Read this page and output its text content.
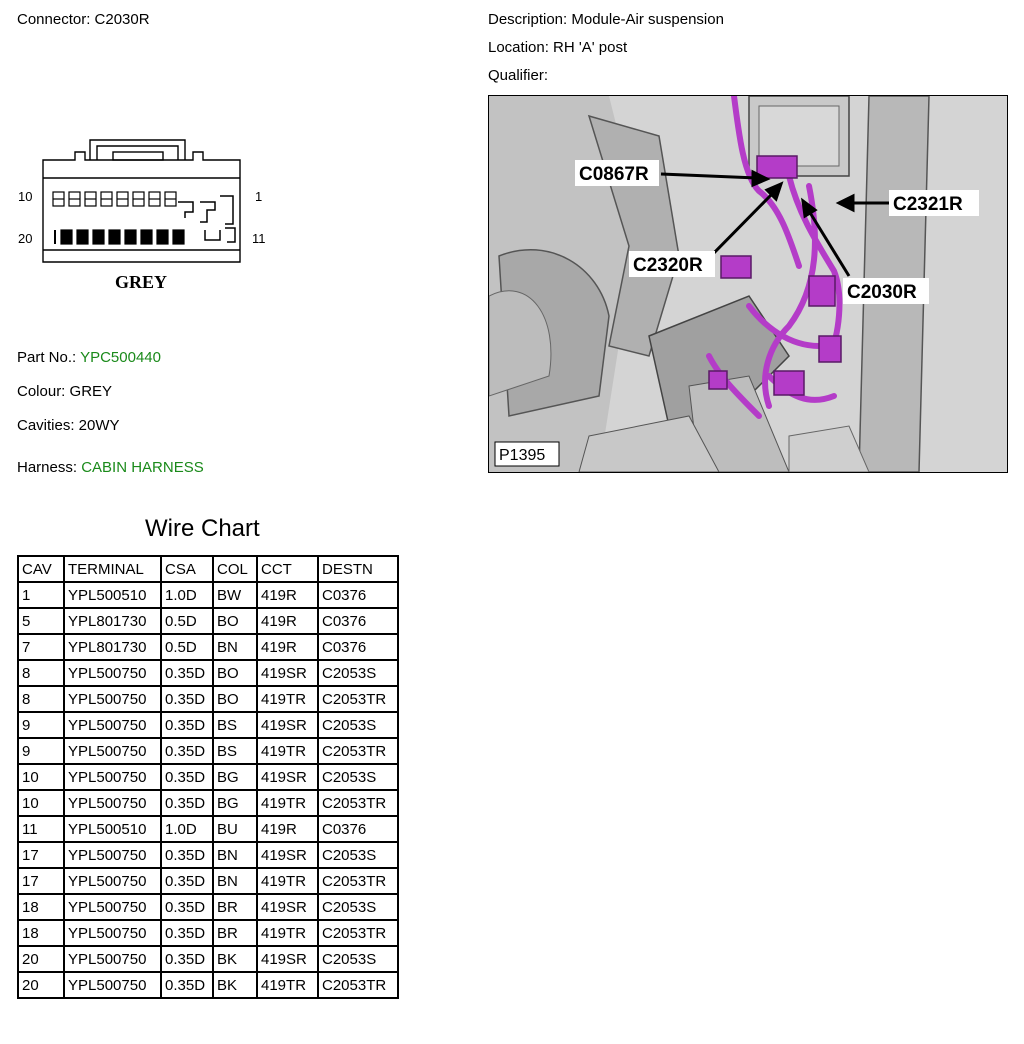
Connector: C2030R	Description: Module-Air suspension
Location: RH 'A' post
Qualifier:
10	1
20	11
GREY
Part No.: YPC500440
Colour: GREY
Cavities: 20WY
Harness: CABIN HARNESS
C0867R
C2321R
C2320R
C2030R
P1395
Wire Chart
CAV	TERMINAL	CSA	COL	CCT	DESTN
1	YPL500510	1.0D	BW	419R	C0376
5	YPL801730	0.5D	BO	419R	C0376
7	YPL801730	0.5D	BN	419R	C0376
8	YPL500750	0.35D	BO	419SR	C2053S
8	YPL500750	0.35D	BO	419TR	C2053TR
9	YPL500750	0.35D	BS	419SR	C2053S
9	YPL500750	0.35D	BS	419TR	C2053TR
10	YPL500750	0.35D	BG	419SR	C2053S
10	YPL500750	0.35D	BG	419TR	C2053TR
11	YPL500510	1.0D	BU	419R	C0376
17	YPL500750	0.35D	BN	419SR	C2053S
17	YPL500750	0.35D	BN	419TR	C2053TR
18	YPL500750	0.35D	BR	419SR	C2053S
18	YPL500750	0.35D	BR	419TR	C2053TR
20	YPL500750	0.35D	BK	419SR	C2053S
20	YPL500750	0.35D	BK	419TR	C2053TR
